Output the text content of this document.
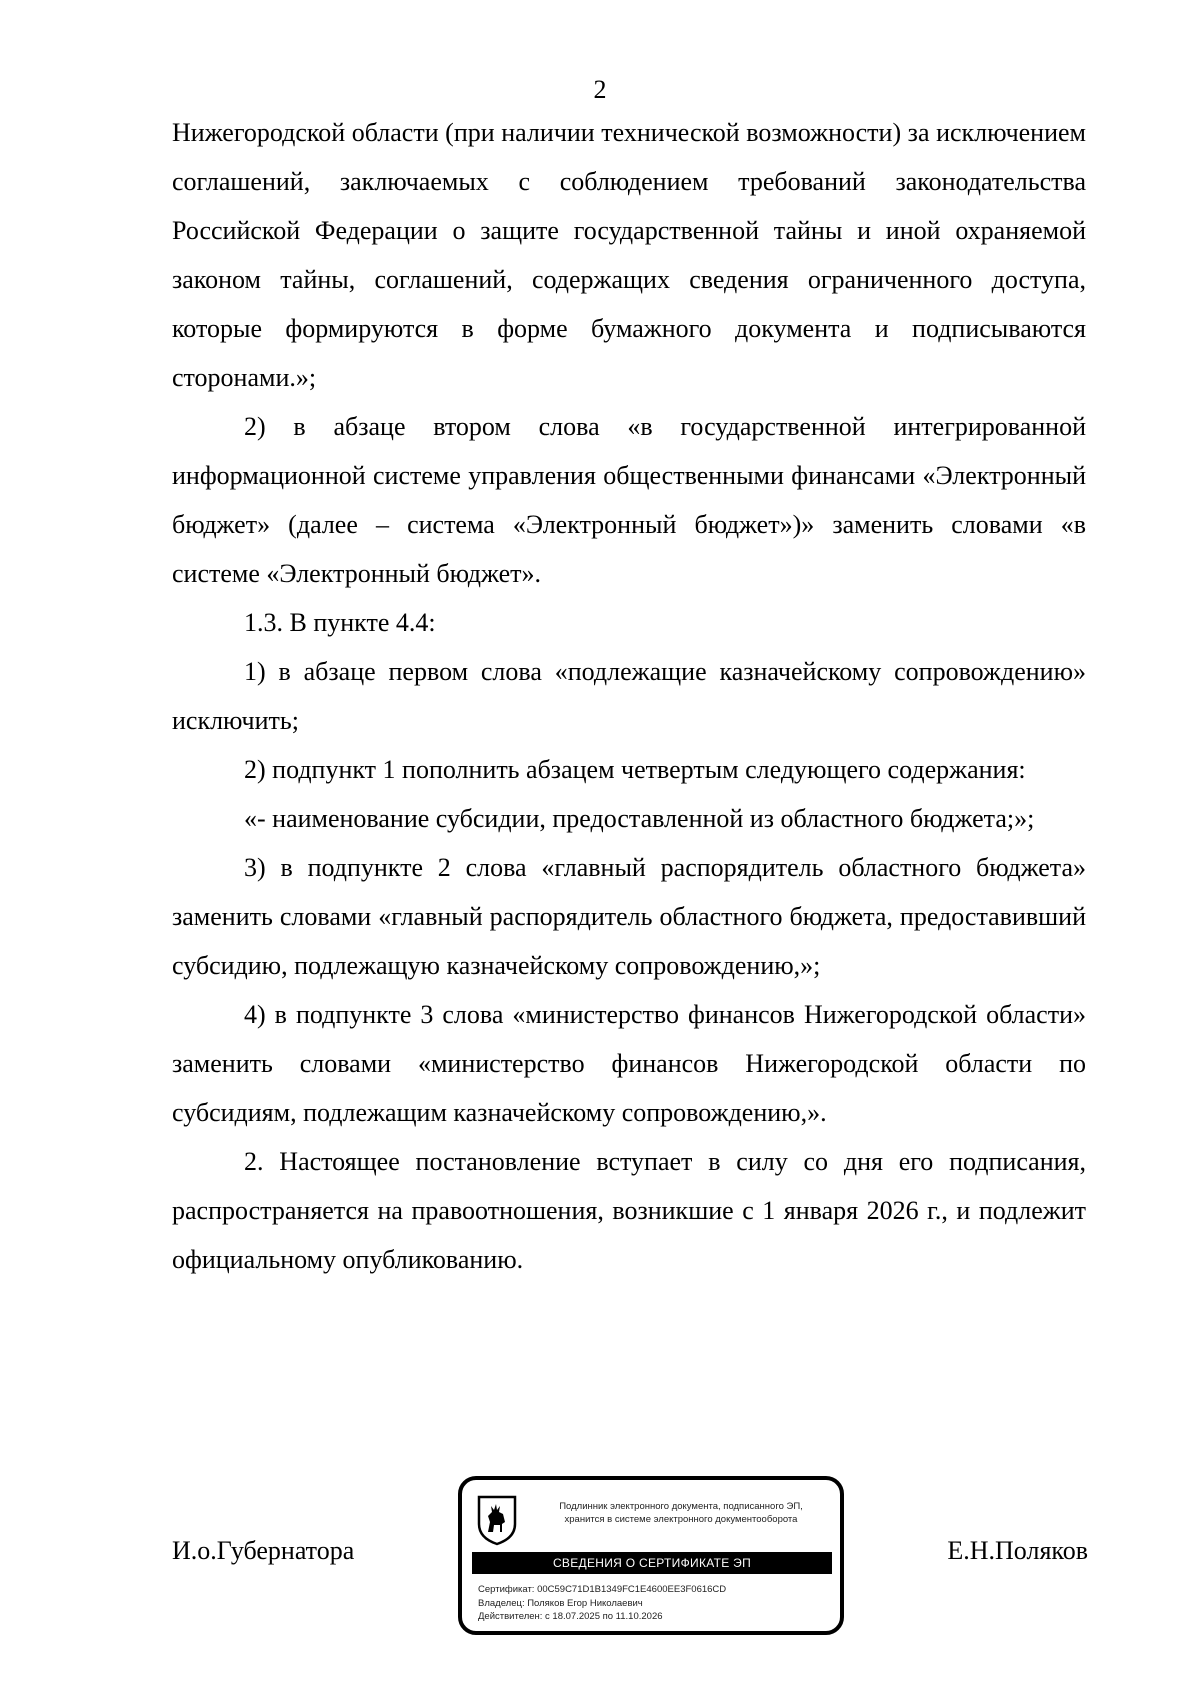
2

Нижегородской области (при наличии технической возможности) за исключением соглашений, заключаемых с соблюдением требований законодательства Российской Федерации о защите государственной тайны и иной охраняемой законом тайны, соглашений, содержащих сведения ограниченного доступа, которые формируются в форме бумажного документа и подписываются сторонами.»;

2) в абзаце втором слова «в государственной интегрированной информационной системе управления общественными финансами «Электронный бюджет» (далее – система «Электронный бюджет»)» заменить словами «в системе «Электронный бюджет».

1.3. В пункте 4.4:

1) в абзаце первом слова «подлежащие казначейскому сопровождению» исключить;

2) подпункт 1 пополнить абзацем четвертым следующего содержания:

«- наименование субсидии, предоставленной из областного бюджета;»;

3) в подпункте 2 слова «главный распорядитель областного бюджета» заменить словами «главный распорядитель областного бюджета, предоставивший субсидию, подлежащую казначейскому сопровождению,»;

4) в подпункте 3 слова «министерство финансов Нижегородской области» заменить словами «министерство финансов Нижегородской области по субсидиям, подлежащим казначейскому сопровождению,».

2. Настоящее постановление вступает в силу со дня его подписания, распространяется на правоотношения, возникшие с 1 января 2026 г., и подлежит официальному опубликованию.

И.о.Губернатора	Е.Н.Поляков
Подлинник электронного документа, подписанного ЭП,
хранится в системе электронного документооборота
СВЕДЕНИЯ О СЕРТИФИКАТЕ ЭП
Сертификат: 00C59C71D1B1349FC1E4600EE3F0616CD
Владелец: Поляков Егор Николаевич
Действителен: с 18.07.2025 по 11.10.2026
